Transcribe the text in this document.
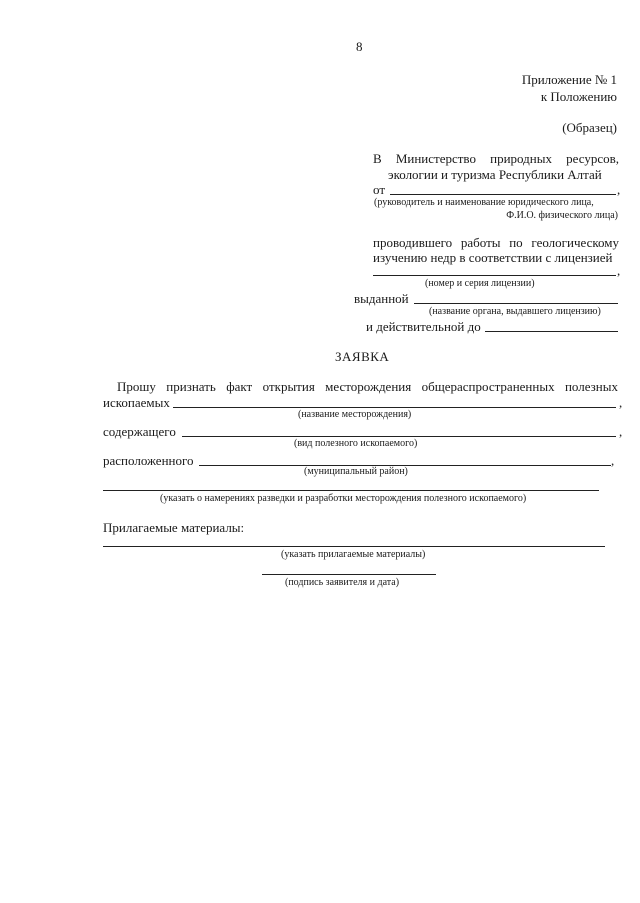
8
Приложение № 1
к Положению
(Образец)
В Министерство природных ресурсов,
экологии и туризма Республики Алтай
от	,
(руководитель и наименование юридического лица,
Ф.И.О. физического лица)
проводившего работы по геологическому
изучению недр в соответствии с лицензией
,
(номер и серия лицензии)
выданной
(название органа, выдавшего лицензию)
и действительной до
ЗАЯВКА
Прошу признать факт открытия месторождения общераспространенных полезных
ископаемых	,
(название месторождения)
содержащего	,
(вид полезного ископаемого)
расположенного	,
(муниципальный район)
(указать о намерениях разведки и разработки месторождения полезного ископаемого)
Прилагаемые материалы:
(указать прилагаемые материалы)
(подпись заявителя и дата)
